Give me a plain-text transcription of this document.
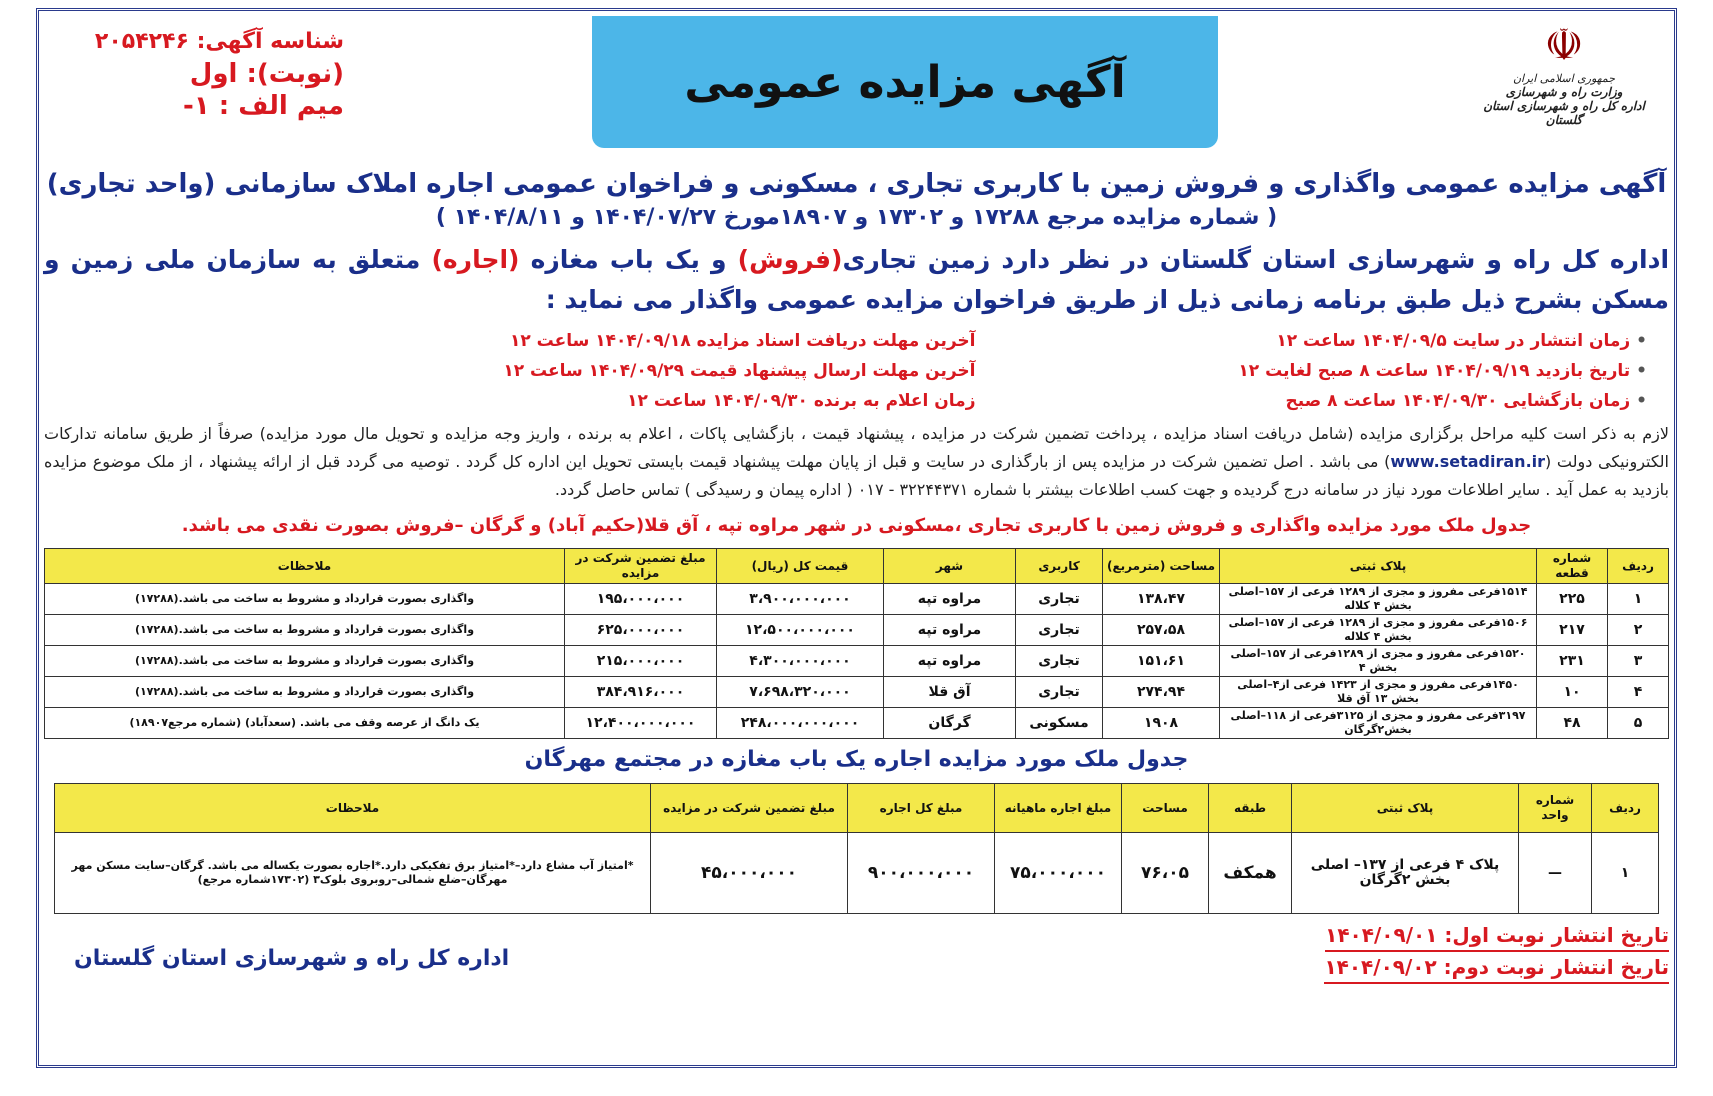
☫
جمهوری اسلامی ایران
وزارت راه و شهرسازی
اداره کل راه و شهرسازی استان گلستان
آگهی مزایده عمومی
شناسه آگهی: ۲۰۵۴۲۴۶
(نوبت): اول
میم الف : ۱-
آگهی مزایده عمومی واگذاری و فروش زمین با کاربری تجاری ، مسکونی و فراخوان عمومی اجاره املاک سازمانی (واحد تجاری)
( شماره مزایده مرجع ۱۷۲۸۸ و ۱۷۳۰۲ و ۱۸۹۰۷مورخ ۱۴۰۴/۰۷/۲۷ و ۱۴۰۴/۸/۱۱ )
اداره کل راه و شهرسازی استان گلستان در نظر دارد زمین تجاری(فروش) و یک باب مغازه (اجاره) متعلق به سازمان ملی زمین و مسکن بشرح ذیل طبق برنامه زمانی ذیل از طریق فراخوان مزایده عمومی واگذار می نماید :
• زمان انتشار در سایت ۱۴۰۴/۰۹/۵ ساعت ۱۲
آخرین مهلت دریافت اسناد مزایده ۱۴۰۴/۰۹/۱۸ ساعت ۱۲
• تاریخ بازدید ۱۴۰۴/۰۹/۱۹ ساعت ۸ صبح لغایت ۱۲
آخرین مهلت ارسال پیشنهاد قیمت ۱۴۰۴/۰۹/۲۹ ساعت ۱۲
• زمان بازگشایی ۱۴۰۴/۰۹/۳۰ ساعت ۸ صبح
زمان اعلام به برنده ۱۴۰۴/۰۹/۳۰ ساعت ۱۲
لازم به ذکر است کلیه مراحل برگزاری مزایده (شامل دریافت اسناد مزایده ، پرداخت تضمین شرکت در مزایده ، پیشنهاد قیمت ، بازگشایی پاکات ، اعلام به برنده ، واریز وجه مزایده و تحویل مال مورد مزایده) صرفاً از طریق سامانه تدارکات الکترونیکی دولت (www.setadiran.ir) می باشد . اصل تضمین شرکت در مزایده پس از بارگذاری در سایت و قبل از پایان مهلت پیشنهاد قیمت بایستی تحویل این اداره کل گردد . توصیه می گردد قبل از ارائه پیشنهاد ، از ملک موضوع مزایده بازدید به عمل آید . سایر اطلاعات مورد نیاز در سامانه درج گردیده و جهت کسب اطلاعات بیشتر با شماره ۳۲۲۴۴۳۷۱ - ۰۱۷ ( اداره پیمان و رسیدگی ) تماس حاصل گردد.
جدول ملک مورد مزایده واگذاری و فروش زمین با کاربری تجاری ،مسکونی در شهر مراوه تپه ، آق قلا(حکیم آباد) و گرگان –فروش بصورت نقدی می باشد.
ردیف	شماره قطعه	پلاک ثبتی	مساحت (مترمربع)	کاربری	شهر	قیمت کل (ریال)	مبلغ تضمین شرکت در مزایده	ملاحظات
۱	۲۲۵	۱۵۱۴فرعی مفروز و مجزی از ۱۲۸۹ فرعی از ۱۵۷–اصلی بخش ۴ کلاله	۱۳۸،۴۷	تجاری	مراوه تپه	۳،۹۰۰،۰۰۰،۰۰۰	۱۹۵،۰۰۰،۰۰۰	واگذاری بصورت قرارداد و مشروط به ساخت می باشد.(۱۷۲۸۸)
۲	۲۱۷	۱۵۰۶فرعی مفروز و مجزی از ۱۲۸۹ فرعی از ۱۵۷–اصلی بخش ۴ کلاله	۲۵۷،۵۸	تجاری	مراوه تپه	۱۲،۵۰۰،۰۰۰،۰۰۰	۶۲۵،۰۰۰،۰۰۰	واگذاری بصورت قرارداد و مشروط به ساخت می باشد.(۱۷۲۸۸)
۳	۲۳۱	۱۵۲۰فرعی مفروز و مجزی از ۱۲۸۹فرعی از ۱۵۷–اصلی بخش ۴	۱۵۱،۶۱	تجاری	مراوه تپه	۴،۳۰۰،۰۰۰،۰۰۰	۲۱۵،۰۰۰،۰۰۰	واگذاری بصورت قرارداد و مشروط به ساخت می باشد.(۱۷۲۸۸)
۴	۱۰	۱۴۵۰فرعی مفروز و مجزی از ۱۴۲۳ فرعی از۴–اصلی بخش ۱۳ آق قلا	۲۷۴،۹۴	تجاری	آق قلا	۷،۶۹۸،۳۲۰،۰۰۰	۳۸۴،۹۱۶،۰۰۰	واگذاری بصورت قرارداد و مشروط به ساخت می باشد.(۱۷۲۸۸)
۵	۴۸	۳۱۹۷فرعی مفروز و مجزی از ۳۱۲۵فرعی از ۱۱۸–اصلی بخش۲گرگان	۱۹۰۸	مسکونی	گرگان	۲۴۸،۰۰۰،۰۰۰،۰۰۰	۱۲،۴۰۰،۰۰۰،۰۰۰	یک دانگ از عرصه وقف می باشد. (سعدآباد) (شماره مرجع۱۸۹۰۷)
جدول ملک مورد مزایده اجاره یک باب مغازه در مجتمع مهرگان
ردیف	شماره واحد	پلاک ثبتی	طبقه	مساحت	مبلغ اجاره ماهیانه	مبلغ کل اجاره	مبلغ تضمین شرکت در مزایده	ملاحظات
۱	—	پلاک ۴ فرعی از ۱۳۷– اصلی بخش ۲گرگان	همکف	۷۶،۰۵	۷۵،۰۰۰،۰۰۰	۹۰۰،۰۰۰،۰۰۰	۴۵،۰۰۰،۰۰۰	*امتیاز آب مشاع دارد–*امتیاز برق تفکیکی دارد.*اجاره بصورت یکساله می باشد. گرگان–سایت مسکن مهر مهرگان–ضلع شمالی–روبروی بلوک۳ (۱۷۳۰۲شماره مرجع)
تاریخ انتشار نوبت اول: ۱۴۰۴/۰۹/۰۱
تاریخ انتشار نوبت دوم: ۱۴۰۴/۰۹/۰۲
اداره کل راه و شهرسازی استان گلستان
